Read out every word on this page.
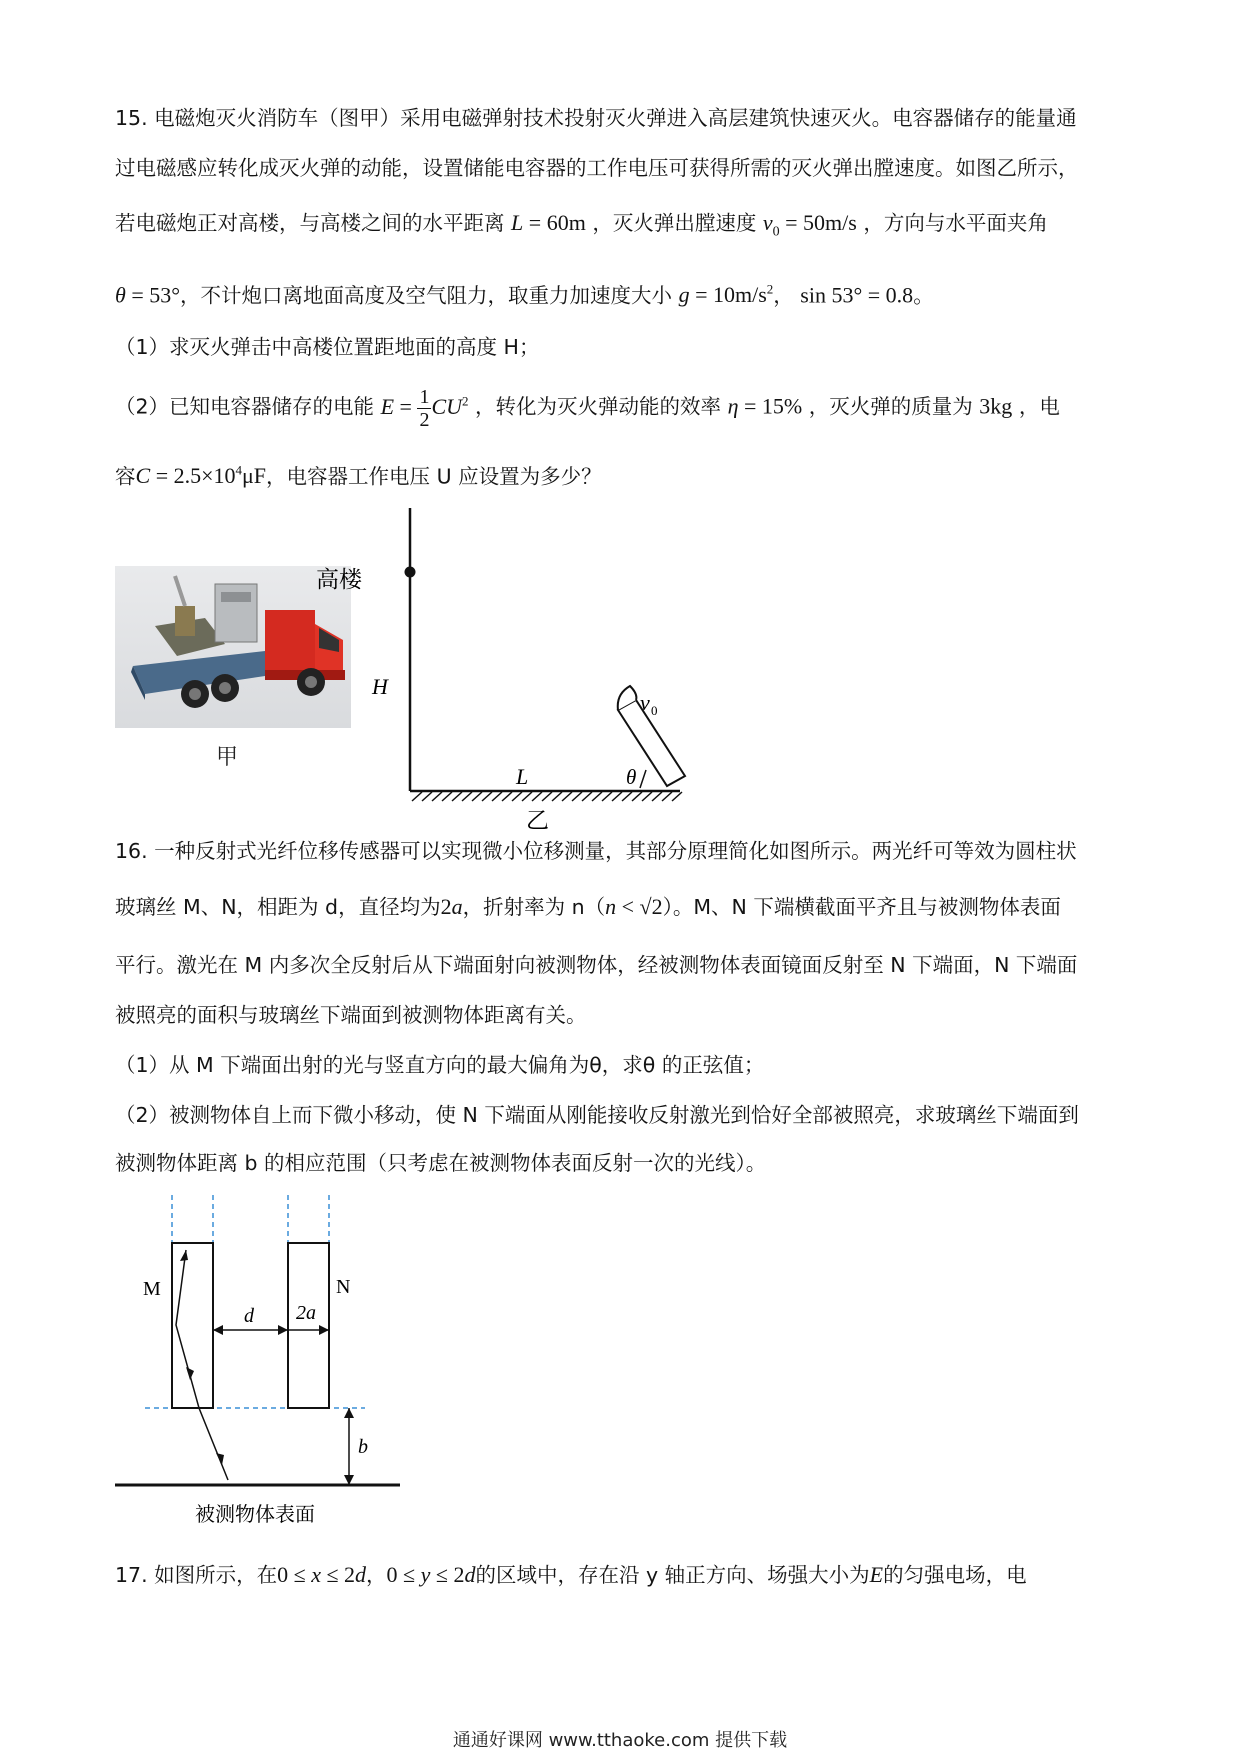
15. 电磁炮灭火消防车（图甲）采用电磁弹射技术投射灭火弹进入高层建筑快速灭火。电容器储存的能量通
过电磁感应转化成灭火弹的动能，设置储能电容器的工作电压可获得所需的灭火弹出膛速度。如图乙所示，
若电磁炮正对高楼，与高楼之间的水平距离 L = 60m ，灭火弹出膛速度 $v_0 = 50m/s$ ，方向与水平面夹角
θ = 53°，不计炮口离地面高度及空气阻力，取重力加速度大小 $g = 10m/s^2$， sin 53° = 0.8。
（1）求灭火弹击中高楼位置距地面的高度 H；
（2）已知电容器储存的电能 $E = \frac{1}{2} CU^2$ ，转化为灭火弹动能的效率 η = 15% ，灭火弹的质量为 3kg ，电
容$C = 2.5\times 10^4\mu F$，电容器工作电压 U 应设置为多少？
甲
高楼
H
L
v 0
θ
乙
16. 一种反射式光纤位移传感器可以实现微小位移测量，其部分原理简化如图所示。两光纤可等效为圆柱状
玻璃丝 M、N，相距为 d，直径均为2a，折射率为 n（n < √2）。M、N 下端横截面平齐且与被测物体表面
平行。激光在 M 内多次全反射后从下端面射向被测物体，经被测物体表面镜面反射至 N 下端面，N 下端面
被照亮的面积与玻璃丝下端面到被测物体距离有关。
（1）从 M 下端面出射的光与竖直方向的最大偏角为θ，求θ 的正弦值；
（2）被测物体自上而下微小移动，使 N 下端面从刚能接收反射激光到恰好全部被照亮，求玻璃丝下端面到
被测物体距离 b 的相应范围（只考虑在被测物体表面反射一次的光线）。
M	N
d 2a
b
被测物体表面
17. 如图所示，在0 ≤ x ≤ 2d，0 ≤ y ≤ 2d的区域中，存在沿 y 轴正方向、场强大小为E的匀强电场，电
通通好课网 www.tthaoke.com 提供下载
